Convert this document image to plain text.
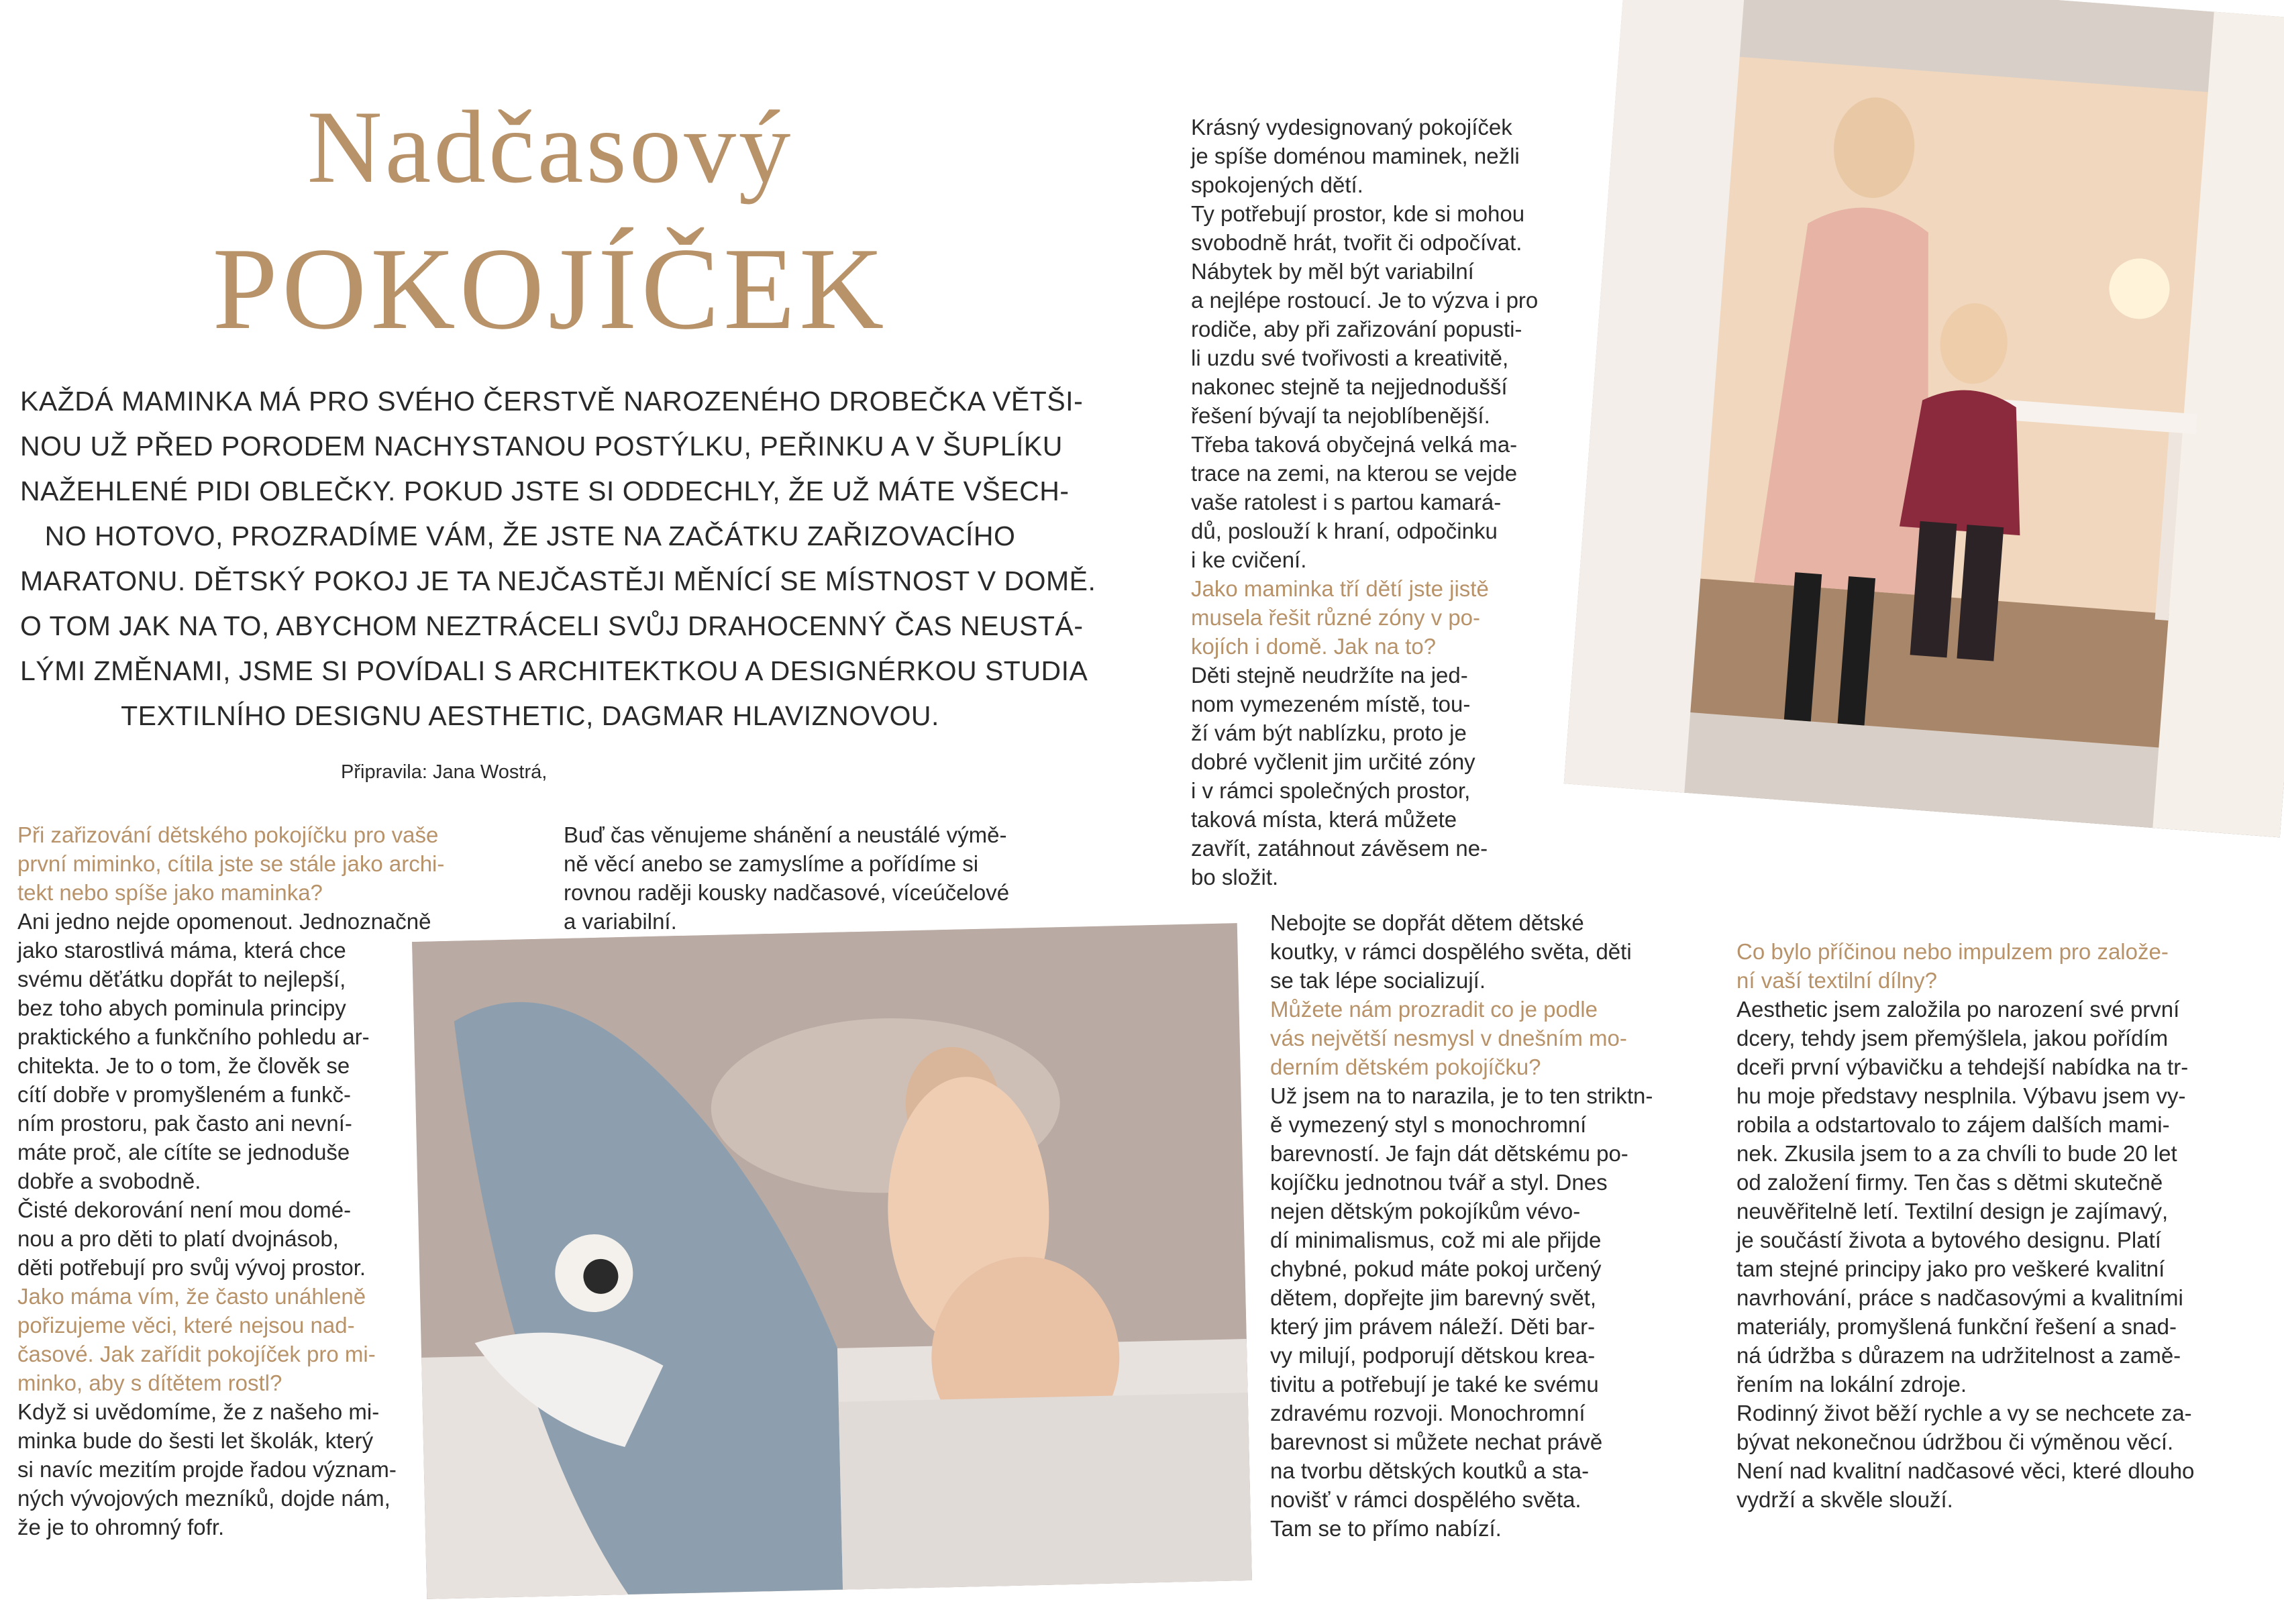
Nadčasový
POKOJÍČEK
KAŽDÁ MAMINKA MÁ PRO SVÉHO ČERSTVĚ NAROZENÉHO DROBEČKA VĚTŠI-
NOU UŽ PŘED PORODEM NACHYSTANOU POSTÝLKU, PEŘINKU A V ŠUPLÍKU
NAŽEHLENÉ PIDI OBLEČKY. POKUD JSTE SI ODDECHLY, ŽE UŽ MÁTE VŠECH-
NO HOTOVO, PROZRADÍME VÁM, ŽE JSTE NA ZAČÁTKU ZAŘIZOVACÍHO
MARATONU. DĚTSKÝ POKOJ JE TA NEJČASTĚJI MĚNÍCÍ SE MÍSTNOST V DOMĚ.
O TOM JAK NA TO, ABYCHOM NEZTRÁCELI SVŮJ DRAHOCENNÝ ČAS NEUSTÁ-
LÝMI ZMĚNAMI, JSME SI POVÍDALI S ARCHITEKTKOU A DESIGNÉRKOU STUDIA
TEXTILNÍHO DESIGNU AESTHETIC, DAGMAR HLAVIZNOVOU.
Připravila: Jana Wostrá,

Při zařizování dětského pokojíčku pro vaše

první miminko, cítila jste se stále jako archi-

tekt nebo spíše jako maminka?

Ani jedno nejde opomenout. Jednoznačně

jako starostlivá máma, která chce

svému děťátku dopřát to nejlepší,

bez toho abych pominula principy

praktického a funkčního pohledu ar-

chitekta. Je to o tom, že člověk se

cítí dobře v promyšleném a funkč-

ním prostoru, pak často ani nevní-

máte proč, ale cítíte se jednoduše

dobře a svobodně.

Čisté dekorování není mou domé-

nou a pro děti to platí dvojnásob,

děti potřebují pro svůj vývoj prostor.

Jako máma vím, že často unáhleně

pořizujeme věci, které nejsou nad-

časové. Jak zařídit pokojíček pro mi-

minko, aby s dítětem rostl?

Když si uvědomíme, že z našeho mi-

minka bude do šesti let školák, který

si navíc mezitím projde řadou význam-

ných vývojových mezníků, dojde nám,

že je to ohromný fofr.

Buď čas věnujeme shánění a neustálé výmě-

ně věcí anebo se zamyslíme a pořídíme si

rovnou raději kousky nadčasové, víceúčelové

a variabilní.

Krásný vydesignovaný pokojíček

je spíše doménou maminek, nežli

spokojených dětí.

Ty potřebují prostor, kde si mohou

svobodně hrát, tvořit či odpočívat.

Nábytek by měl být variabilní

a nejlépe rostoucí. Je to výzva i pro

rodiče, aby při zařizování popusti-

li uzdu své tvořivosti a kreativitě,

nakonec stejně ta nejjednodušší

řešení bývají ta nejoblíbenější.

Třeba taková obyčejná velká ma-

trace na zemi, na kterou se vejde

vaše ratolest i s partou kamará-

dů, poslouží k hraní, odpočinku

i ke cvičení.

Jako maminka tří dětí jste jistě

musela řešit různé zóny v po-

kojích i domě. Jak na to?

Děti stejně neudržíte na jed-

nom vymezeném místě, tou-

ží vám být nablízku, proto je

dobré vyčlenit jim určité zóny

i v rámci společných prostor,

taková místa, která můžete

zavřít, zatáhnout závěsem ne-

bo složit.

Nebojte se dopřát dětem dětské

koutky, v rámci dospělého světa, děti

se tak lépe socializují.

Můžete nám prozradit co je podle

vás největší nesmysl v dnešním mo-

derním dětském pokojíčku?

Už jsem na to narazila, je to ten striktn-

ě vymezený styl s monochromní

barevností. Je fajn dát dětskému po-

kojíčku jednotnou tvář a styl. Dnes

nejen dětským pokojíkům vévo-

dí minimalismus, což mi ale přijde

chybné, pokud máte pokoj určený

dětem, dopřejte jim barevný svět,

který jim právem náleží. Děti bar-

vy milují, podporují dětskou krea-

tivitu a potřebují je také ke svému

zdravému rozvoji. Monochromní

barevnost si můžete nechat právě

na tvorbu dětských koutků a sta-

novišť v rámci dospělého světa.

Tam se to přímo nabízí.

Co bylo příčinou nebo impulzem pro založe-

ní vaší textilní dílny?

Aesthetic jsem založila po narození své první

dcery, tehdy jsem přemýšlela, jakou pořídím

dceři první výbavičku a tehdejší nabídka na tr-

hu moje představy nesplnila. Výbavu jsem vy-

robila a odstartovalo to zájem dalších mami-

nek. Zkusila jsem to a za chvíli to bude 20 let

od založení firmy. Ten čas s dětmi skutečně

neuvěřitelně letí. Textilní design je zajímavý,

je součástí života a bytového designu. Platí

tam stejné principy jako pro veškeré kvalitní

navrhování, práce s nadčasovými a kvalitními

materiály, promyšlená funkční řešení a snad-

ná údržba s důrazem na udržitelnost a zamě-

řením na lokální zdroje.

Rodinný život běží rychle a vy se nechcete za-

bývat nekonečnou údržbou či výměnou věcí.

Není nad kvalitní nadčasové věci, které dlouho

vydrží a skvěle slouží.
